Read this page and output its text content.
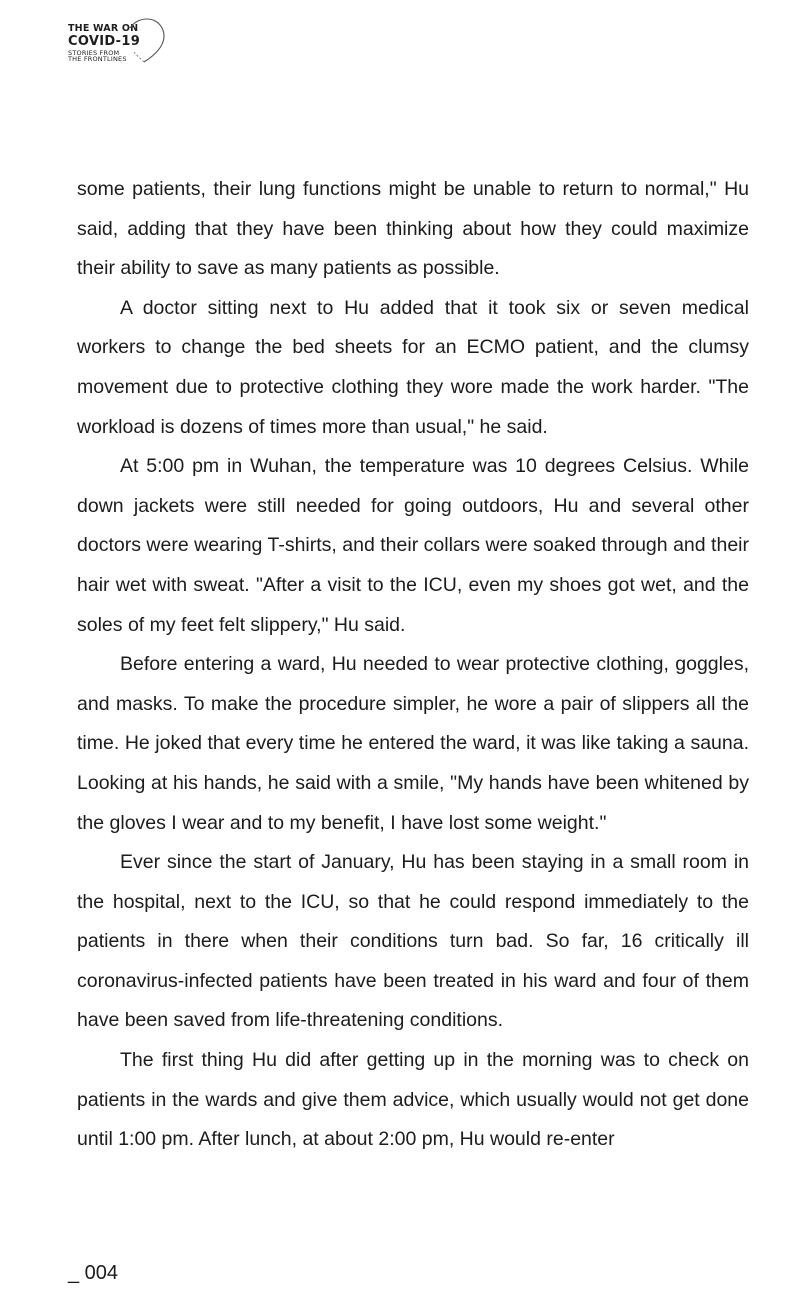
THE WAR ON
COVID-19
STORIES FROM
THE FRONTLINES

some patients, their lung functions might be unable to return to normal," Hu said, adding that they have been thinking about how they could maximize their ability to save as many patients as possible.

A doctor sitting next to Hu added that it took six or seven medical workers to change the bed sheets for an ECMO patient, and the clumsy movement due to protective clothing they wore made the work harder. "The workload is dozens of times more than usual," he said.

At 5:00 pm in Wuhan, the temperature was 10 degrees Celsius. While down jackets were still needed for going outdoors, Hu and several other doctors were wearing T-shirts, and their collars were soaked through and their hair wet with sweat. "After a visit to the ICU, even my shoes got wet, and the soles of my feet felt slippery," Hu said.

Before entering a ward, Hu needed to wear protective clothing, goggles, and masks. To make the procedure simpler, he wore a pair of slippers all the time. He joked that every time he entered the ward, it was like taking a sauna. Looking at his hands, he said with a smile, "My hands have been whitened by the gloves I wear and to my benefit, I have lost some weight."

Ever since the start of January, Hu has been staying in a small room in the hospital, next to the ICU, so that he could respond immediately to the patients in there when their conditions turn bad. So far, 16 critically ill coronavirus-infected patients have been treated in his ward and four of them have been saved from life-threatening conditions.

The first thing Hu did after getting up in the morning was to check on patients in the wards and give them advice, which usually would not get done until 1:00 pm. After lunch, at about 2:00 pm, Hu would re-enter

_ 004
